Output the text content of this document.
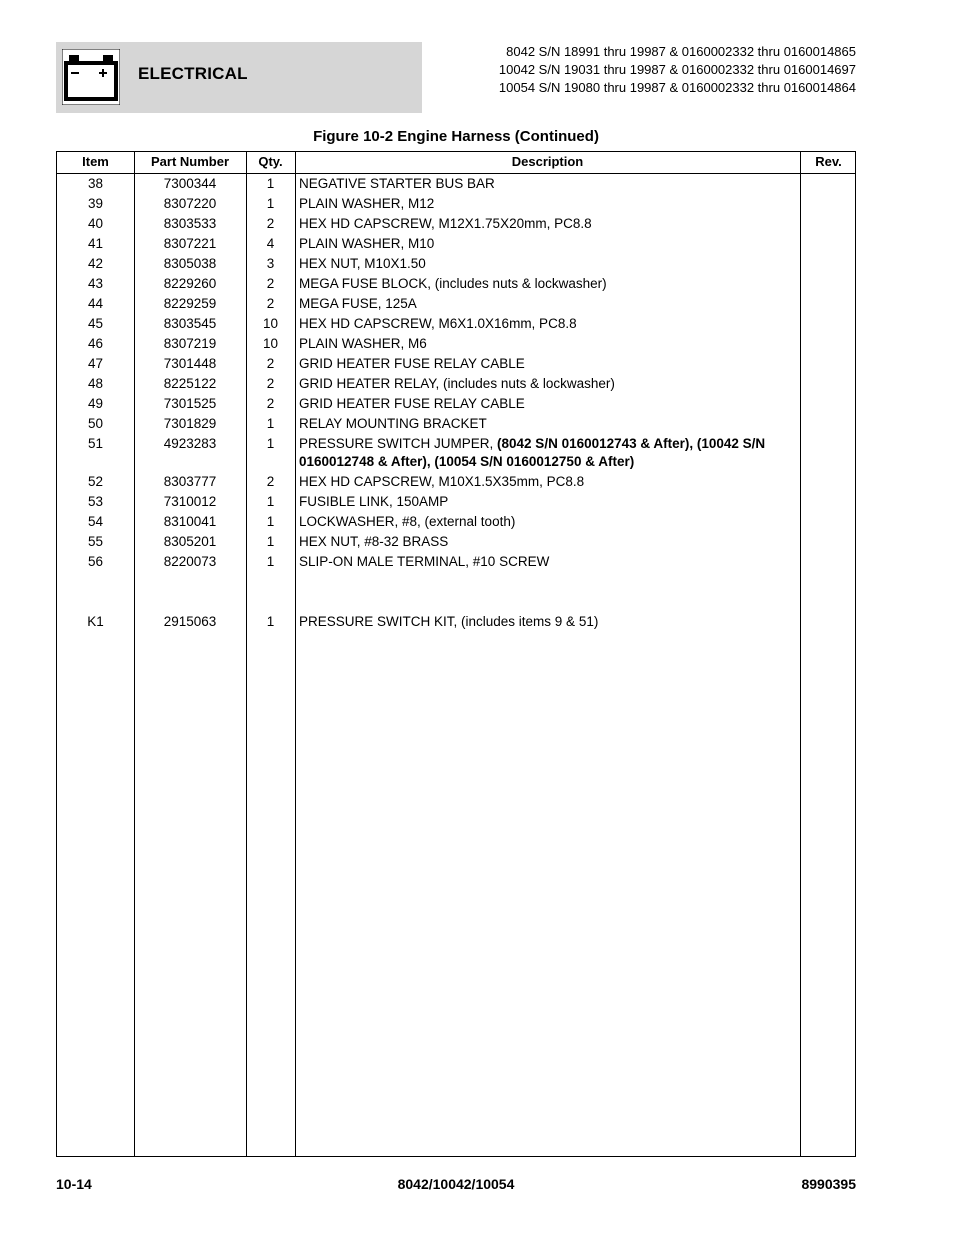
ELECTRICAL
8042 S/N 18991 thru 19987 & 0160002332 thru 0160014865
10042 S/N 19031 thru 19987 & 0160002332 thru 0160014697
10054 S/N 19080 thru 19987 & 0160002332 thru 0160014864
Figure 10-2 Engine Harness (Continued)
Item	Part Number	Qty.	Description	Rev.
38	7300344	1	NEGATIVE STARTER BUS BAR
39	8307220	1	PLAIN WASHER, M12
40	8303533	2	HEX HD CAPSCREW, M12X1.75X20mm, PC8.8
41	8307221	4	PLAIN WASHER, M10
42	8305038	3	HEX NUT, M10X1.50
43	8229260	2	MEGA FUSE BLOCK, (includes nuts & lockwasher)
44	8229259	2	MEGA FUSE, 125A
45	8303545	10	HEX HD CAPSCREW, M6X1.0X16mm, PC8.8
46	8307219	10	PLAIN WASHER, M6
47	7301448	2	GRID HEATER FUSE RELAY CABLE
48	8225122	2	GRID HEATER RELAY, (includes nuts & lockwasher)
49	7301525	2	GRID HEATER FUSE RELAY CABLE
50	7301829	1	RELAY MOUNTING BRACKET
51	4923283	1	PRESSURE SWITCH JUMPER, (8042 S/N 0160012743 & After), (10042 S/N 0160012748 & After), (10054 S/N 0160012750 & After)
52	8303777	2	HEX HD CAPSCREW, M10X1.5X35mm, PC8.8
53	7310012	1	FUSIBLE LINK, 150AMP
54	8310041	1	LOCKWASHER, #8, (external tooth)
55	8305201	1	HEX NUT, #8-32 BRASS
56	8220073	1	SLIP-ON MALE TERMINAL, #10 SCREW
K1	2915063	1	PRESSURE SWITCH KIT, (includes items 9 & 51)
10-14	8042/10042/10054	8990395
